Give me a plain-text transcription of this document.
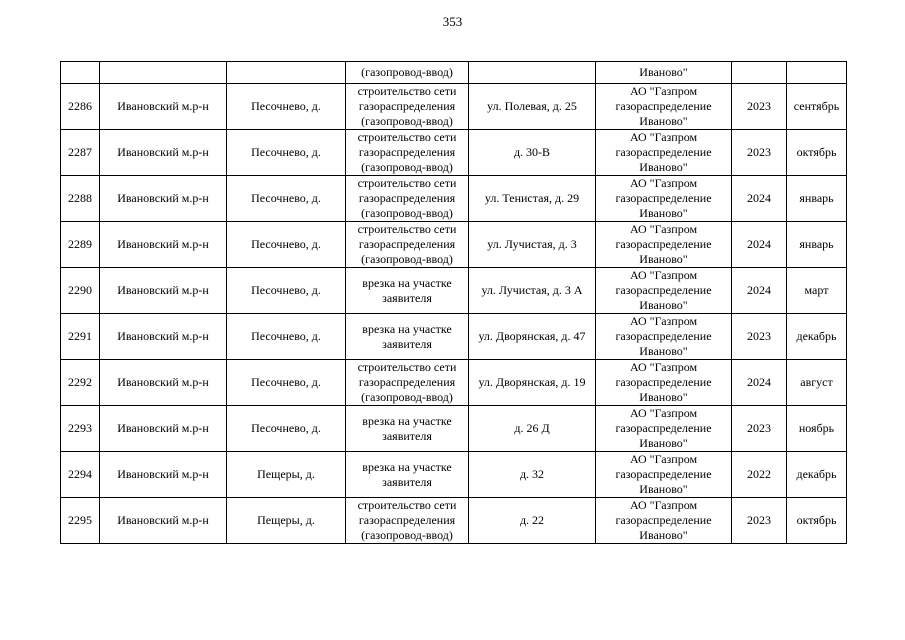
353

			(газопровод-ввод)		Иваново"		

2286	Ивановский м.р-н	Песочнево, д.	строительство сети
газораспределения
(газопровод-ввод)	ул. Полевая, д. 25	АО "Газпром
газораспределение
Иваново"	2023	сентябрь

2287	Ивановский м.р-н	Песочнево, д.	строительство сети
газораспределения
(газопровод-ввод)	д. 30-В	АО "Газпром
газораспределение
Иваново"	2023	октябрь

2288	Ивановский м.р-н	Песочнево, д.	строительство сети
газораспределения
(газопровод-ввод)	ул. Тенистая, д. 29	АО "Газпром
газораспределение
Иваново"	2024	январь

2289	Ивановский м.р-н	Песочнево, д.	строительство сети
газораспределения
(газопровод-ввод)	ул. Лучистая, д. 3	АО "Газпром
газораспределение
Иваново"	2024	январь

2290	Ивановский м.р-н	Песочнево, д.	врезка на участке
заявителя	ул. Лучистая, д. 3 А	АО "Газпром
газораспределение
Иваново"	2024	март

2291	Ивановский м.р-н	Песочнево, д.	врезка на участке
заявителя	ул. Дворянская, д. 47	АО "Газпром
газораспределение
Иваново"	2023	декабрь

2292	Ивановский м.р-н	Песочнево, д.	строительство сети
газораспределения
(газопровод-ввод)	ул. Дворянская, д. 19	АО "Газпром
газораспределение
Иваново"	2024	август

2293	Ивановский м.р-н	Песочнево, д.	врезка на участке
заявителя	д. 26 Д	АО "Газпром
газораспределение
Иваново"	2023	ноябрь

2294	Ивановский м.р-н	Пещеры, д.	врезка на участке
заявителя	д. 32	АО "Газпром
газораспределение
Иваново"	2022	декабрь

2295	Ивановский м.р-н	Пещеры, д.	строительство сети
газораспределения
(газопровод-ввод)	д. 22	АО "Газпром
газораспределение
Иваново"	2023	октябрь
